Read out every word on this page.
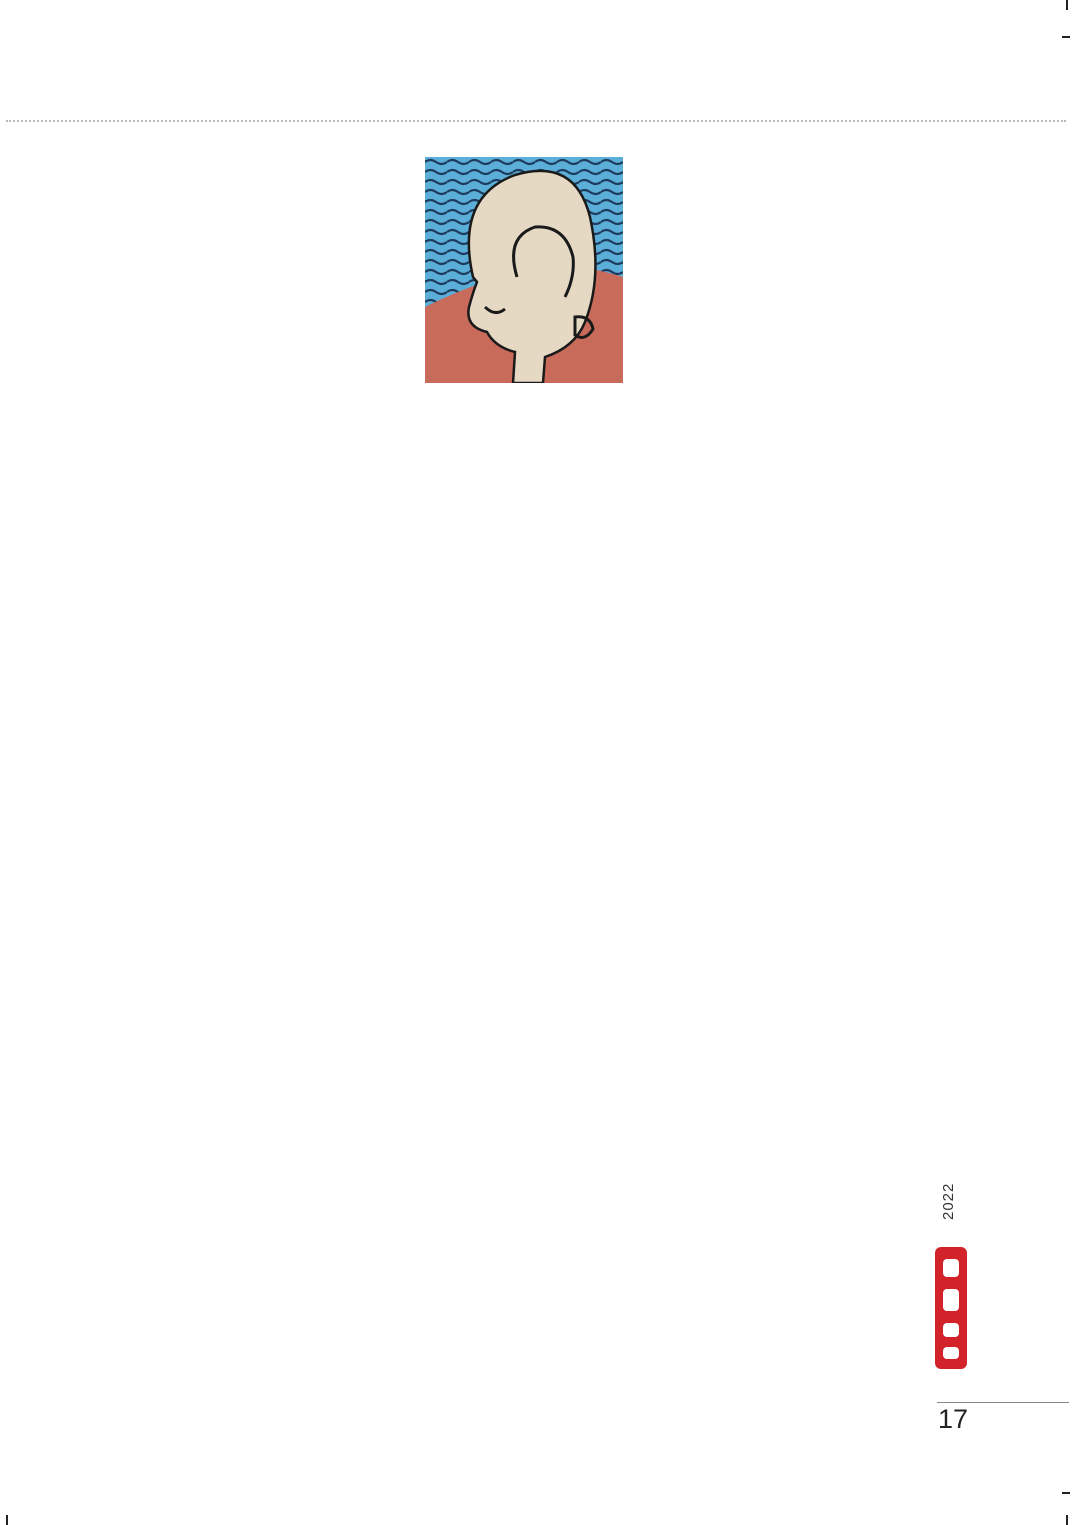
2022
17
